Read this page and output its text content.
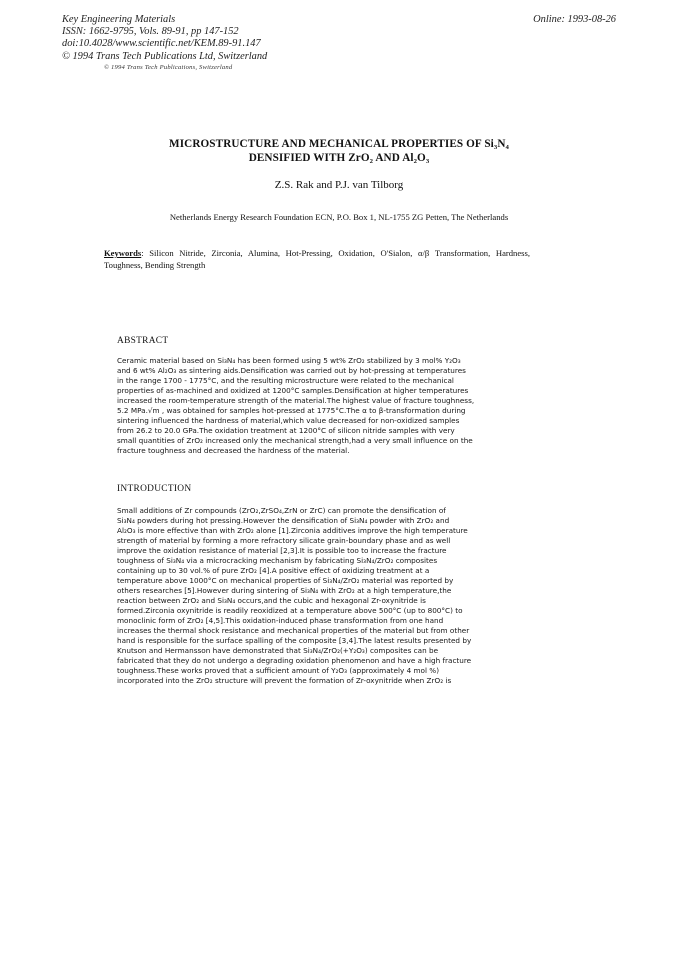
Key Engineering Materials
ISSN: 1662-9795, Vols. 89-91, pp 147-152
doi:10.4028/www.scientific.net/KEM.89-91.147
© 1994 Trans Tech Publications Ltd, Switzerland
Online: 1993-08-26
© 1994 Trans Tech Publications, Switzerland
MICROSTRUCTURE AND MECHANICAL PROPERTIES OF Si₃N₄
DENSIFIED WITH ZrO₂ AND Al₂O₃
Z.S. Rak and P.J. van Tilborg
Netherlands Energy Research Foundation ECN, P.O. Box 1, NL-1755 ZG Petten, The Netherlands
Keywords: Silicon Nitride, Zirconia, Alumina, Hot-Pressing, Oxidation, O'Sialon, α/β Transformation, Hardness, Toughness, Bending Strength
ABSTRACT
Ceramic material based on Si₃N₄ has been formed using 5 wt% ZrO₂ stabilized by 3 mol% Y₂O₃
and 6 wt% Al₂O₃ as sintering aids.Densification was carried out by hot-pressing at temperatures
in the range 1700 - 1775°C, and the resulting microstructure were related to the mechanical
properties of as-machined and oxidized at 1200°C samples.Densification at higher temperatures
increased the room-temperature strength of the material.The highest value of fracture toughness,
5.2 MPa.√m , was obtained for samples hot-pressed at 1775°C.The α to β-transformation during
sintering influenced the hardness of material,which value decreased for non-oxidized samples
from 26.2 to 20.0 GPa.The oxidation treatment at 1200°C of silicon nitride samples with very
small quantities of ZrO₂ increased only the mechanical strength,had a very small influence on the
fracture toughness and decreased the hardness of the material.
INTRODUCTION
Small additions of Zr compounds (ZrO₂,ZrSO₄,ZrN or ZrC) can promote the densification of
Si₃N₄ powders during hot pressing.However the densification of Si₃N₄ powder with ZrO₂ and
Al₂O₃ is more effective than with ZrO₂ alone [1].Zirconia additives improve the high temperature
strength of material by forming a more refractory silicate grain-boundary phase and as well
improve the oxidation resistance of material [2,3].It is possible too to increase the fracture
toughness of Si₃N₄ via a microcracking mechanism by fabricating Si₃N₄/ZrO₂ composites
containing up to 30 vol.% of pure ZrO₂ [4].A positive effect of oxidizing treatment at a
temperature above 1000°C on mechanical properties of Si₃N₄/ZrO₂ material was reported by
others researches [5].However during sintering of Si₃N₄ with ZrO₂ at a high temperature,the
reaction between ZrO₂ and Si₃N₄ occurs,and the cubic and hexagonal Zr-oxynitride is
formed.Zirconia oxynitride is readily reoxidized at a temperature above 500°C (up to 800°C) to
monoclinic form of ZrO₂ [4,5].This oxidation-induced phase transformation from one hand
increases the thermal shock resistance and mechanical properties of the material but from other
hand is responsible for the surface spalling of the composite [3,4].The latest results presented by
Knutson and Hermansson have demonstrated that Si₃N₄/ZrO₂(+Y₂O₃) composites can be
fabricated that they do not undergo a degrading oxidation phenomenon and have a high fracture
toughness.These works proved that a sufficient amount of Y₂O₃ (approximately 4 mol %)
incorporated into the ZrO₂ structure will prevent the formation of Zr-oxynitride when ZrO₂ is
